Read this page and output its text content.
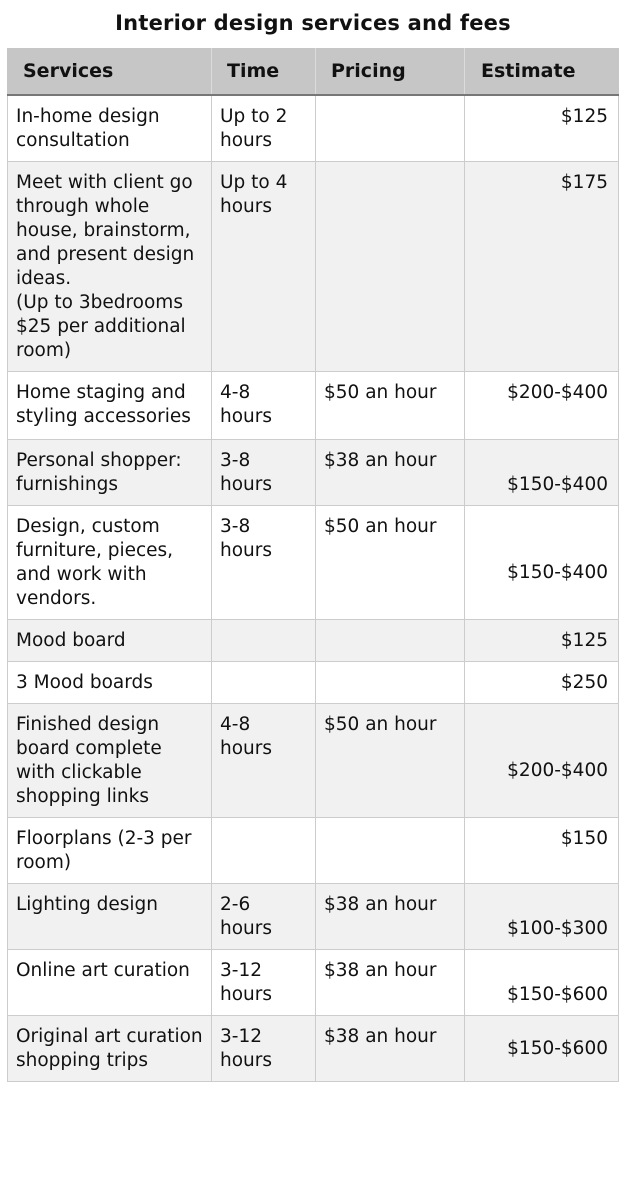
Interior design services and fees
Services	Time	Pricing	Estimate
In-home design consultation	Up to 2 hours		$125
Meet with client go through whole house, brainstorm, and present design ideas.
(Up to 3bedrooms $25 per additional room)	Up to 4 hours		$175
Home staging and styling accessories	4-8 hours	$50 an hour	$200-$400
Personal shopper: furnishings	3-8 hours	$38 an hour	$150-$400
Design, custom furniture, pieces, and work with vendors.	3-8 hours	$50 an hour	$150-$400
Mood board			$125
3 Mood boards			$250
Finished design board complete with clickable shopping links	4-8 hours	$50 an hour	$200-$400
Floorplans (2-3 per room)			$150
Lighting design	2-6 hours	$38 an hour	$100-$300
Online art curation	3-12 hours	$38 an hour	$150-$600
Original art curation shopping trips	3-12 hours	$38 an hour	$150-$600
